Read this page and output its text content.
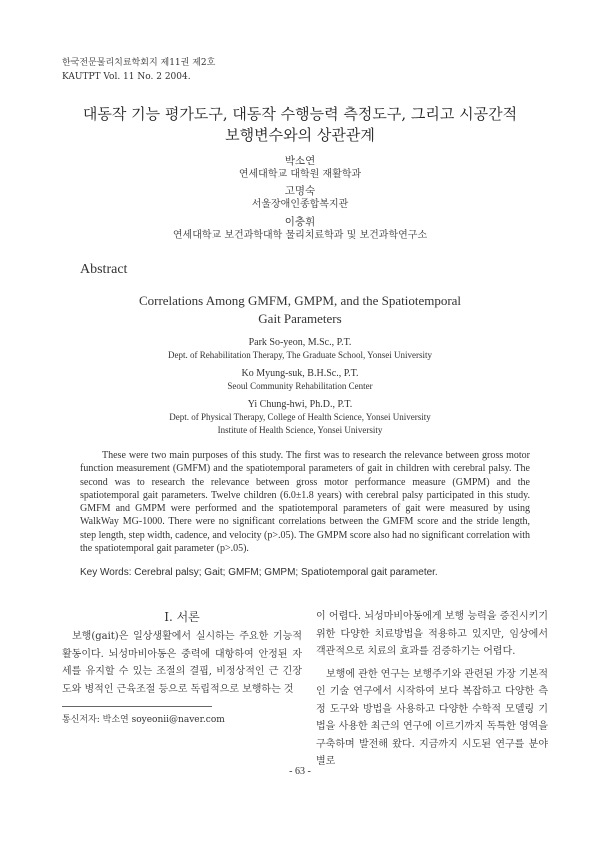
한국전문물리치료학회지 제11권 제2호
KAUTPT Vol. 11 No. 2 2004.
대동작 기능 평가도구, 대동작 수행능력 측정도구, 그리고 시공간적
보행변수와의 상관관계
박소연
연세대학교 대학원 재활학과
고명숙
서울장애인종합복지관
이충휘
연세대학교 보건과학대학 물리치료학과 및 보건과학연구소
Abstract
Correlations Among GMFM, GMPM, and the Spatiotemporal
Gait Parameters
Park So-yeon, M.Sc., P.T.
Dept. of Rehabilitation Therapy, The Graduate School, Yonsei University
Ko Myung-suk, B.H.Sc., P.T.
Seoul Community Rehabilitation Center
Yi Chung-hwi, Ph.D., P.T.
Dept. of Physical Therapy, College of Health Science, Yonsei University
Institute of Health Science, Yonsei University
These were two main purposes of this study. The first was to research the relevance between gross motor function measurement (GMFM) and the spatiotemporal parameters of gait in children with cerebral palsy. The second was to research the relevance between gross motor performance measure (GMPM) and the spatiotemporal gait parameters. Twelve children (6.0±1.8 years) with cerebral palsy participated in this study. GMFM and GMPM were performed and the spatiotemporal parameters of gait were measured by using WalkWay MG-1000. There were no significant correlations between the GMFM score and the stride length, step length, step width, cadence, and velocity (p>.05). The GMPM score also had no significant correlation with the spatiotemporal gait parameter (p>.05).
Key Words: Cerebral palsy; Gait; GMFM; GMPM; Spatiotemporal gait parameter.
Ⅰ. 서론

보행(gait)은 일상생활에서 실시하는 주요한 기능적 활동이다. 뇌성마비아동은 중력에 대항하여 안정된 자세를 유지할 수 있는 조절의 결핍, 비정상적인 근 긴장도와 병적인 근육조절 등으로 독립적으로 보행하는 것

통신저자: 박소연 soyeonii@naver.com

이 어렵다. 뇌성마비아동에게 보행 능력을 증진시키기 위한 다양한 치료방법을 적용하고 있지만, 임상에서 객관적으로 치료의 효과를 검증하기는 어렵다.

보행에 관한 연구는 보행주기와 관련된 가장 기본적인 기술 연구에서 시작하여 보다 복잡하고 다양한 측정 도구와 방법을 사용하고 다양한 수학적 모델링 기법을 사용한 최근의 연구에 이르기까지 독특한 영역을 구축하며 발전해 왔다. 지금까지 시도된 연구를 분야별로

- 63 -
